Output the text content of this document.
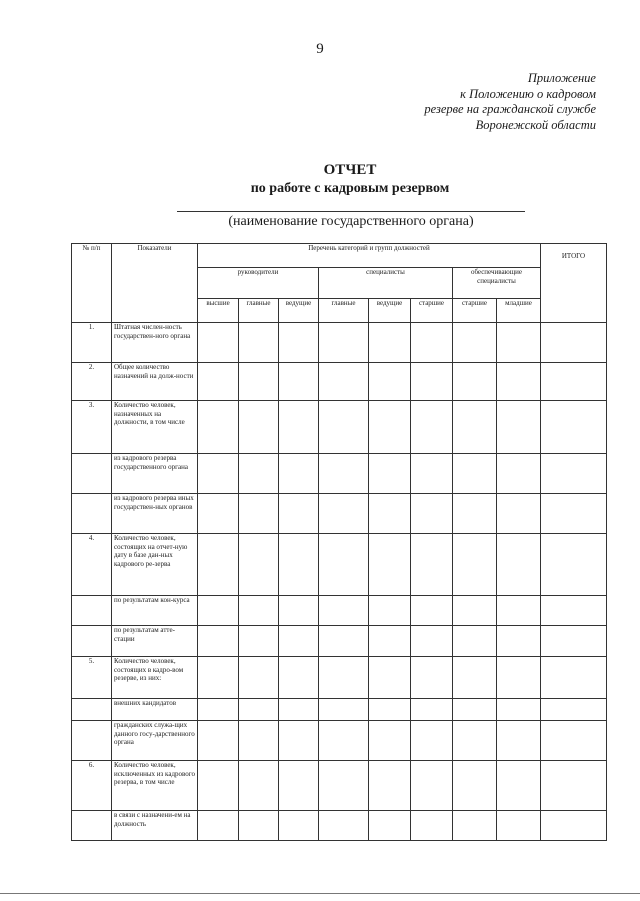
9
Приложение
к Положению о кадровом
резерве на гражданской службе
Воронежской области
ОТЧЕТ
по работе с кадровым резервом
(наименование государственного органа)
№ п/п	Показатели	Перечень категорий и групп должностей								ИТОГО
		руководители			специалисты			обеспечивающие специалисты		
		высшие	главные	ведущие	главные	ведущие	старшие	старшие	младшие	
1.	Штатная числен-ность государствен-ного органа									
2.	Общее количество назначений на долж-ности									
3.	Количество человек, назначенных на должности, в том числе									
	из кадрового резерва государственного органа									
	из кадрового резерва иных государствен-ных органов									
4.	Количество человек, состоящих на отчет-ную дату в базе дан-ных кадрового ре-зерва									
	по результатам кон-курса									
	по результатам атте-стации									
5.	Количество человек, состоящих в кадро-вом резерве, из них:									
	внешних кандидатов									
	гражданских служа-щих данного госу-дарственного органа									
6.	Количество человек, исключенных из кадрового резерва, в том числе									
	в связи с назначени-ем на должность									
